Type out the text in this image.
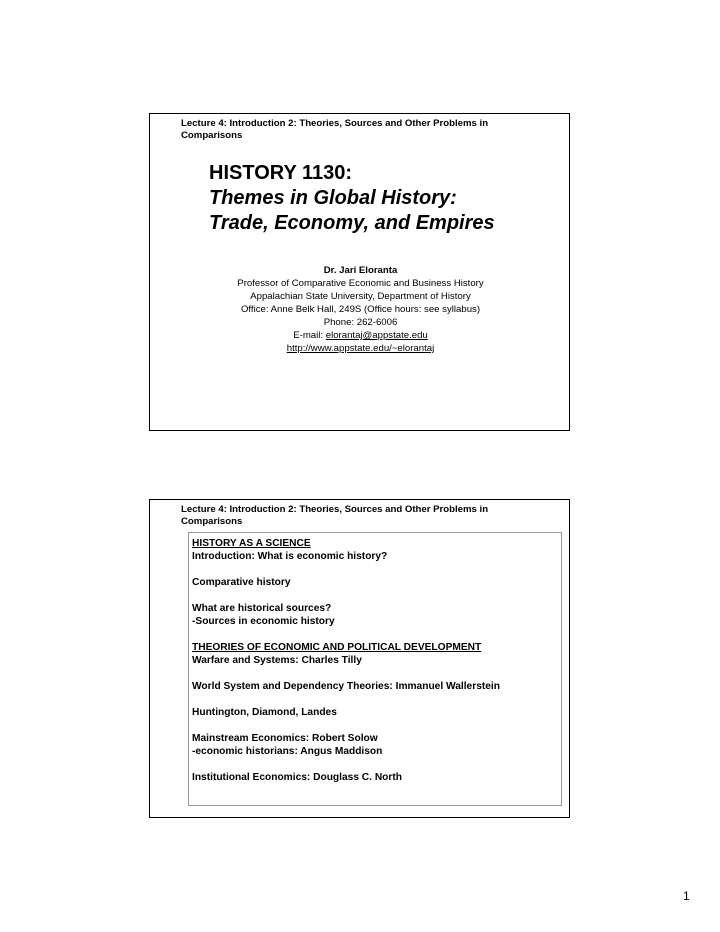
Lecture 4: Introduction 2: Theories, Sources and Other Problems in Comparisons
HISTORY 1130:
Themes in Global History:
Trade, Economy, and Empires
Dr. Jari Eloranta
Professor of Comparative Economic and Business History
Appalachian State University, Department of History
Office: Anne Belk Hall, 249S (Office hours: see syllabus)
Phone: 262-6006
E-mail: elorantaj@appstate.edu
http://www.appstate.edu/~elorantaj
Lecture 4: Introduction 2: Theories, Sources and Other Problems in Comparisons
HISTORY AS A SCIENCE
Introduction: What is economic history?
Comparative history
What are historical sources?
-Sources in economic history
THEORIES OF ECONOMIC AND POLITICAL DEVELOPMENT
Warfare and Systems: Charles Tilly
World System and Dependency Theories: Immanuel Wallerstein
Huntington, Diamond, Landes
Mainstream Economics: Robert Solow
-economic historians: Angus Maddison
Institutional Economics: Douglass C. North
1
